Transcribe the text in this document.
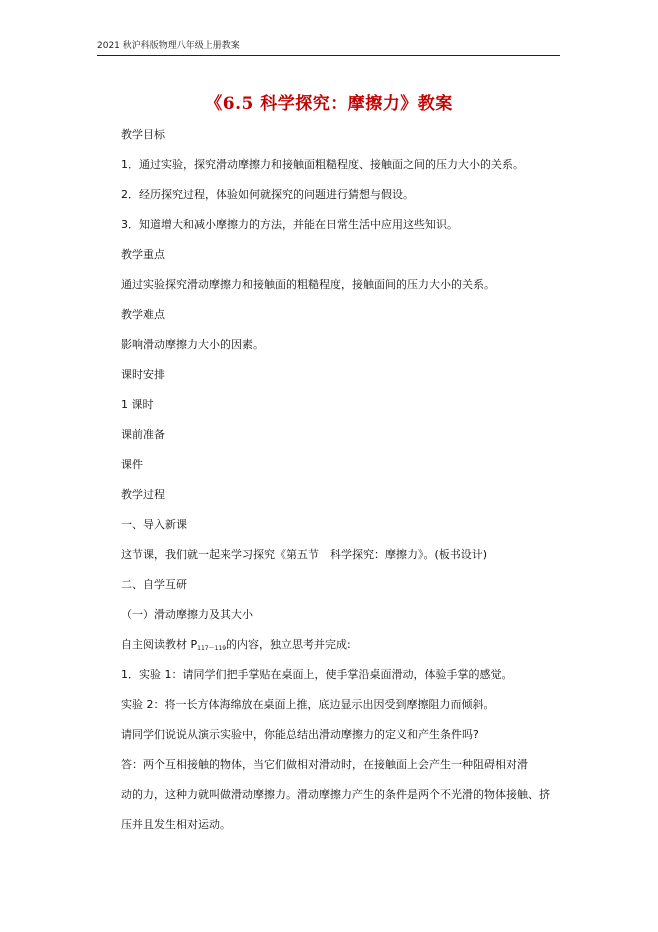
2021 秋沪科版物理八年级上册教案
《6.5 科学探究：摩擦力》教案
教学目标
1．通过实验，探究滑动摩擦力和接触面粗糙程度、接触面之间的压力大小的关系。
2．经历探究过程，体验如何就探究的问题进行猜想与假设。
3．知道增大和减小摩擦力的方法，并能在日常生活中应用这些知识。
教学重点
通过实验探究滑动摩擦力和接触面的粗糙程度，接触面间的压力大小的关系。
教学难点
影响滑动摩擦力大小的因素。
课时安排
1 课时
课前准备
课件
教学过程
一、导入新课
这节课，我们就一起来学习探究《第五节　科学探究：摩擦力》。(板书设计)
二、自学互研
（一）滑动摩擦力及其大小
自主阅读教材 $P_{117\sim 119}$的内容，独立思考并完成:
1．实验 1：请同学们把手掌贴在桌面上，使手掌沿桌面滑动，体验手掌的感觉。
实验 2：将一长方体海绵放在桌面上推，底边显示出因受到摩擦阻力而倾斜。
请同学们说说从演示实验中，你能总结出滑动摩擦力的定义和产生条件吗?
答：两个互相接触的物体，当它们做相对滑动时，在接触面上会产生一种阻碍相对滑
动的力，这种力就叫做滑动摩擦力。滑动摩擦力产生的条件是两个不光滑的物体接触、挤
压并且发生相对运动。
